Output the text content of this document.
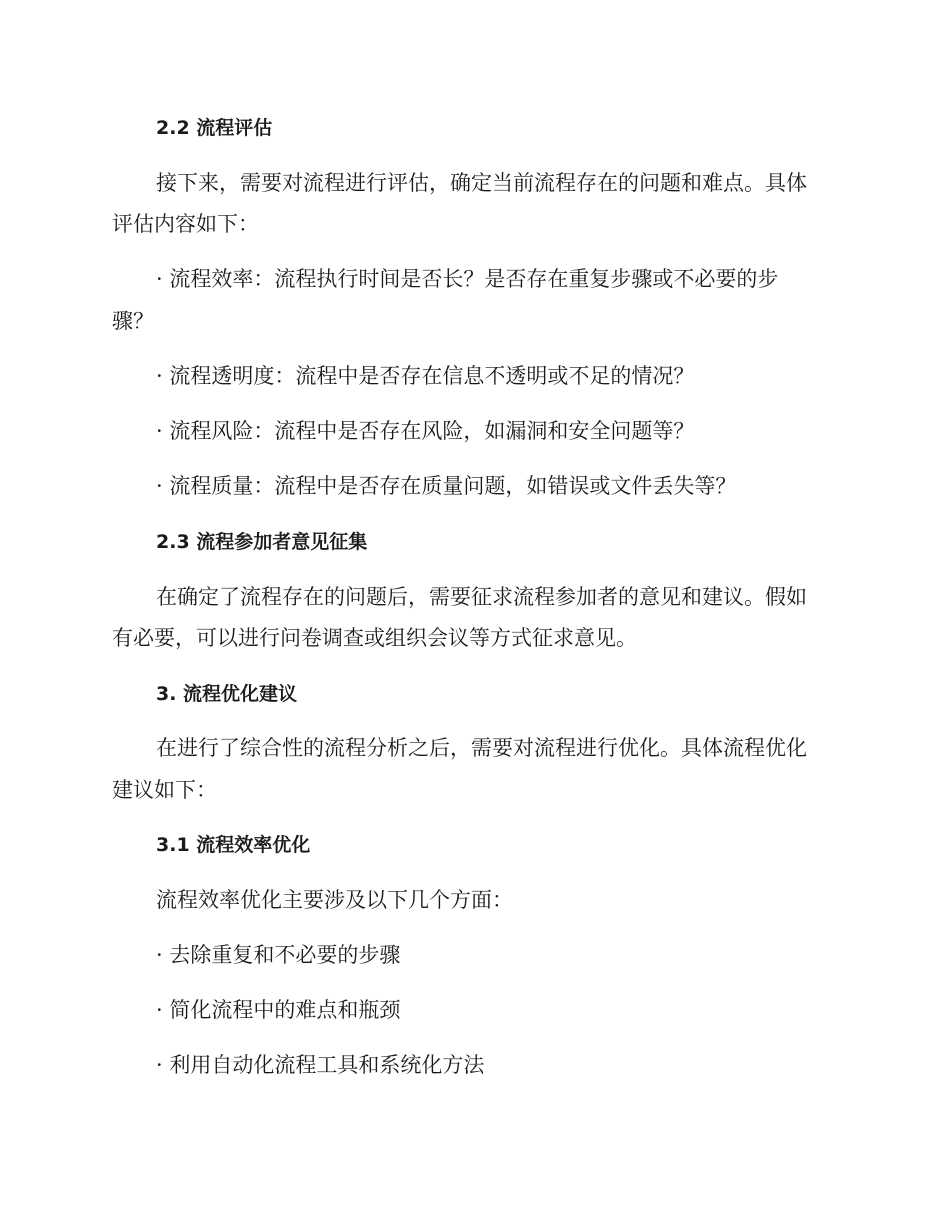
2.2 流程评估
接下来，需要对流程进行评估，确定当前流程存在的问题和难点。具体
评估内容如下：
· 流程效率：流程执行时间是否长？是否存在重复步骤或不必要的步
骤？
· 流程透明度：流程中是否存在信息不透明或不足的情况？
· 流程风险：流程中是否存在风险，如漏洞和安全问题等？
· 流程质量：流程中是否存在质量问题，如错误或文件丢失等？
2.3 流程参加者意见征集
在确定了流程存在的问题后，需要征求流程参加者的意见和建议。假如
有必要，可以进行问卷调查或组织会议等方式征求意见。
3. 流程优化建议
在进行了综合性的流程分析之后，需要对流程进行优化。具体流程优化
建议如下：
3.1 流程效率优化
流程效率优化主要涉及以下几个方面：
· 去除重复和不必要的步骤
· 简化流程中的难点和瓶颈
· 利用自动化流程工具和系统化方法
